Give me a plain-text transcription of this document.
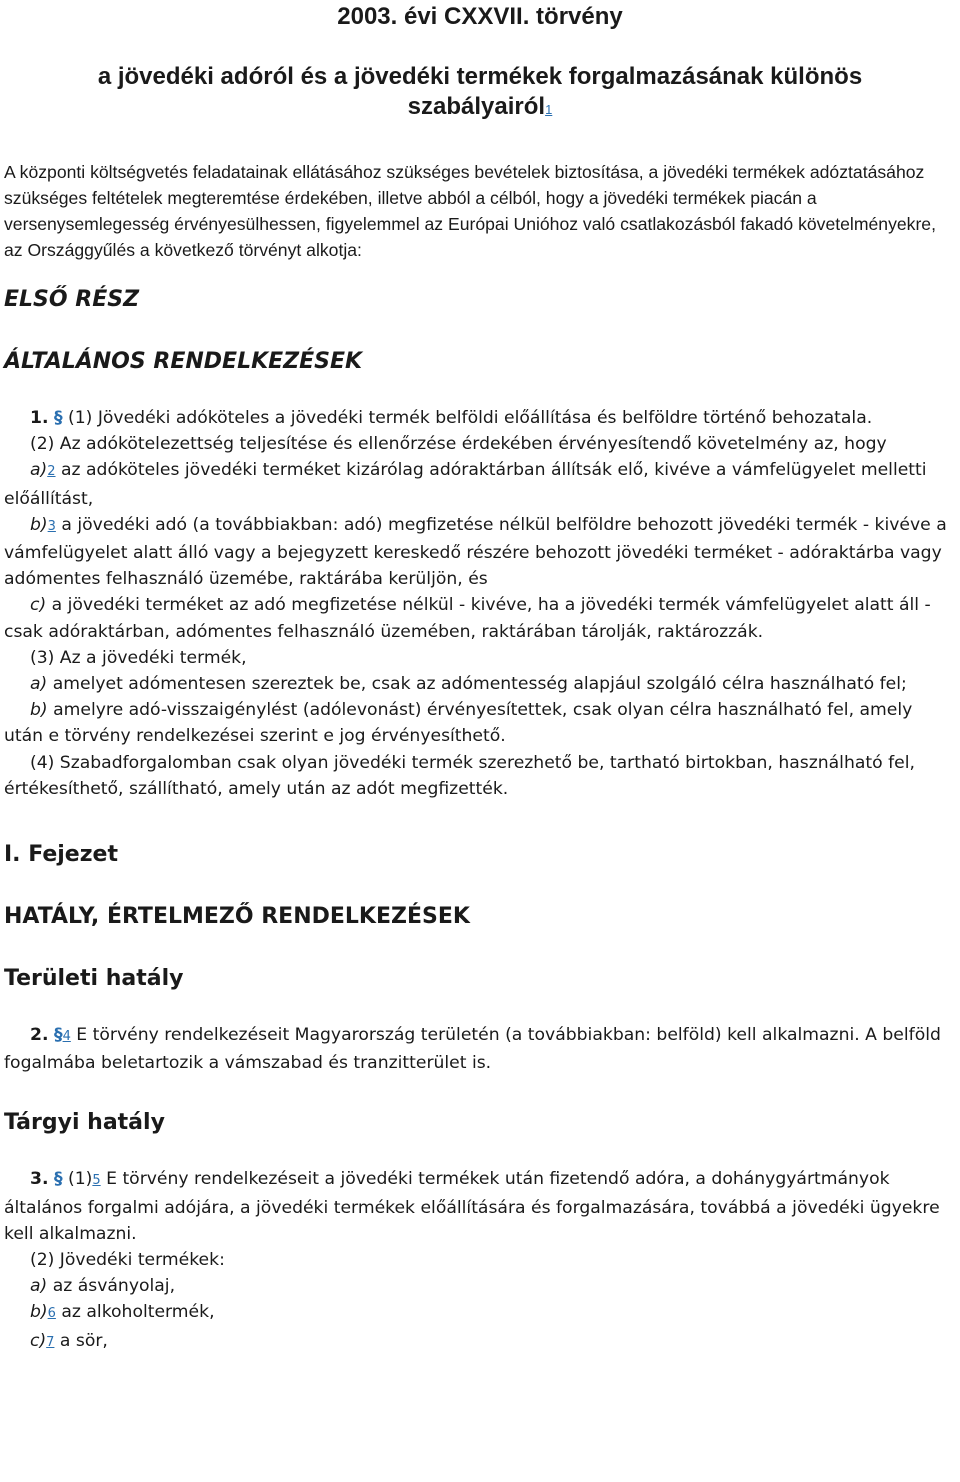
2003. évi CXXVII. törvény
a jövedéki adóról és a jövedéki termékek forgalmazásának különös
szabályairól1

A központi költségvetés feladatainak ellátásához szükséges bevételek biztosítása, a jövedéki termékek adóztatásához szükséges feltételek megteremtése érdekében, illetve abból a célból, hogy a jövedéki termékek piacán a versenysemlegesség érvényesülhessen, figyelemmel az Európai Unióhoz való csatlakozásból fakadó követelményekre, az Országgyűlés a következő törvényt alkotja:

ELSŐ RÉSZ
ÁLTALÁNOS RENDELKEZÉSEK

1. § (1) Jövedéki adóköteles a jövedéki termék belföldi előállítása és belföldre történő behozatala.

(2) Az adókötelezettség teljesítése és ellenőrzése érdekében érvényesítendő követelmény az, hogy

a)2 az adóköteles jövedéki terméket kizárólag adóraktárban állítsák elő, kivéve a vámfelügyelet melletti előállítást,

b)3 a jövedéki adó (a továbbiakban: adó) megfizetése nélkül belföldre behozott jövedéki termék - kivéve a vámfelügyelet alatt álló vagy a bejegyzett kereskedő részére behozott jövedéki terméket - adóraktárba vagy adómentes felhasználó üzemébe, raktárába kerüljön, és

c) a jövedéki terméket az adó megfizetése nélkül - kivéve, ha a jövedéki termék vámfelügyelet alatt áll - csak adóraktárban, adómentes felhasználó üzemében, raktárában tárolják, raktározzák.

(3) Az a jövedéki termék,

a) amelyet adómentesen szereztek be, csak az adómentesség alapjául szolgáló célra használható fel;

b) amelyre adó-visszaigénylést (adólevonást) érvényesítettek, csak olyan célra használható fel, amely után e törvény rendelkezései szerint e jog érvényesíthető.

(4) Szabadforgalomban csak olyan jövedéki termék szerezhető be, tartható birtokban, használható fel, értékesíthető, szállítható, amely után az adót megfizették.

I. Fejezet
HATÁLY, ÉRTELMEZŐ RENDELKEZÉSEK
Területi hatály

2. §4 E törvény rendelkezéseit Magyarország területén (a továbbiakban: belföld) kell alkalmazni. A belföld fogalmába beletartozik a vámszabad és tranzitterület is.

Tárgyi hatály

3. § (1)5 E törvény rendelkezéseit a jövedéki termékek után fizetendő adóra, a dohánygyártmányok általános forgalmi adójára, a jövedéki termékek előállítására és forgalmazására, továbbá a jövedéki ügyekre kell alkalmazni.

(2) Jövedéki termékek:

a) az ásványolaj,

b)6 az alkoholtermék,

c)7 a sör,
